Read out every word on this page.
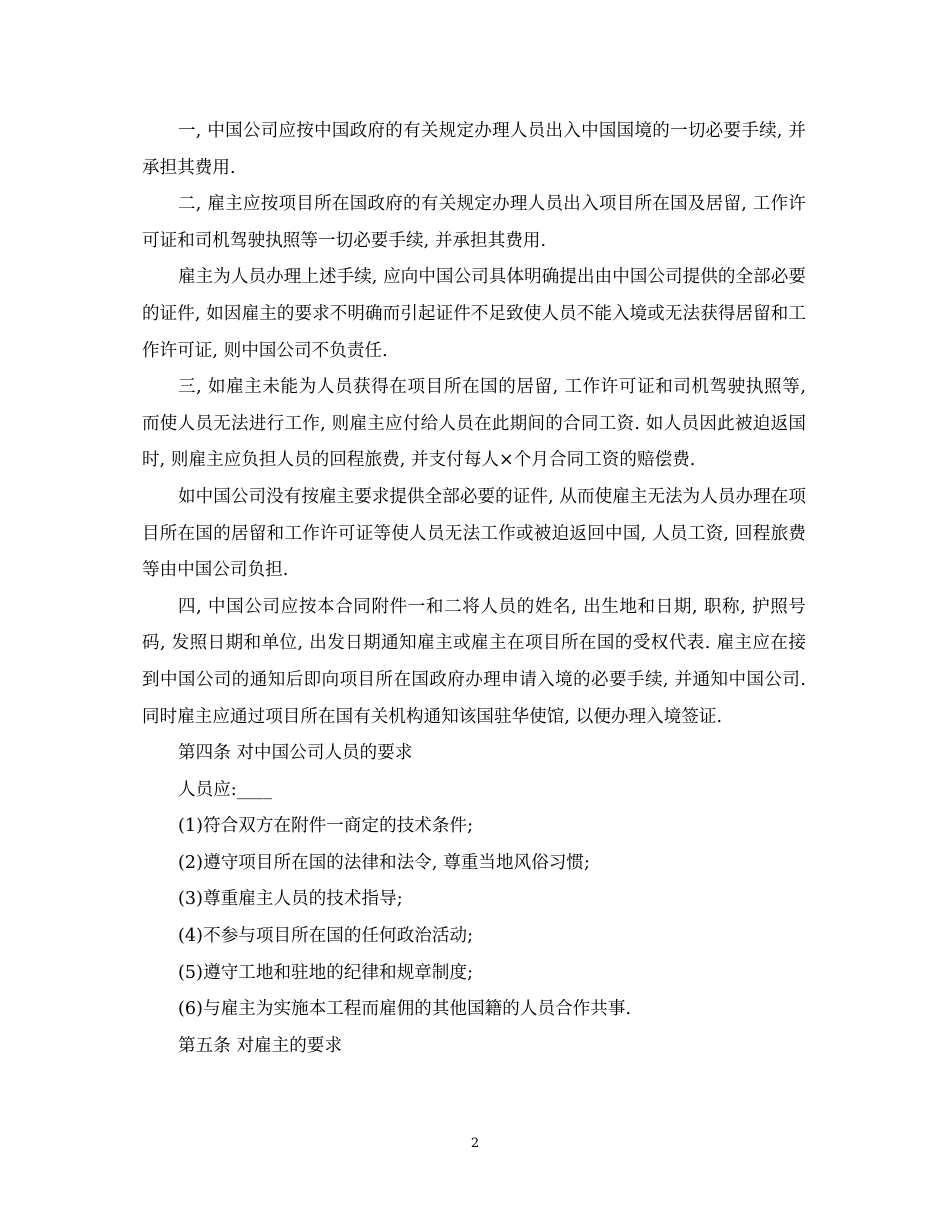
一, 中国公司应按中国政府的有关规定办理人员出入中国国境的一切必要手续, 并承担其费用.

二, 雇主应按项目所在国政府的有关规定办理人员出入项目所在国及居留, 工作许可证和司机驾驶执照等一切必要手续, 并承担其费用.

雇主为人员办理上述手续, 应向中国公司具体明确提出由中国公司提供的全部必要的证件, 如因雇主的要求不明确而引起证件不足致使人员不能入境或无法获得居留和工作许可证, 则中国公司不负责任.

三, 如雇主未能为人员获得在项目所在国的居留, 工作许可证和司机驾驶执照等, 而使人员无法进行工作, 则雇主应付给人员在此期间的合同工资. 如人员因此被迫返国时, 则雇主应负担人员的回程旅费, 并支付每人×个月合同工资的赔偿费.

如中国公司没有按雇主要求提供全部必要的证件, 从而使雇主无法为人员办理在项目所在国的居留和工作许可证等使人员无法工作或被迫返回中国, 人员工资, 回程旅费等由中国公司负担.

四, 中国公司应按本合同附件一和二将人员的姓名, 出生地和日期, 职称, 护照号码, 发照日期和单位, 出发日期通知雇主或雇主在项目所在国的受权代表. 雇主应在接到中国公司的通知后即向项目所在国政府办理申请入境的必要手续, 并通知中国公司. 同时雇主应通过项目所在国有关机构通知该国驻华使馆, 以便办理入境签证.

第四条 对中国公司人员的要求

人员应:____

(1)符合双方在附件一商定的技术条件;

(2)遵守项目所在国的法律和法令, 尊重当地风俗习惯;

(3)尊重雇主人员的技术指导;

(4)不参与项目所在国的任何政治活动;

(5)遵守工地和驻地的纪律和规章制度;

(6)与雇主为实施本工程而雇佣的其他国籍的人员合作共事.

第五条 对雇主的要求

2
